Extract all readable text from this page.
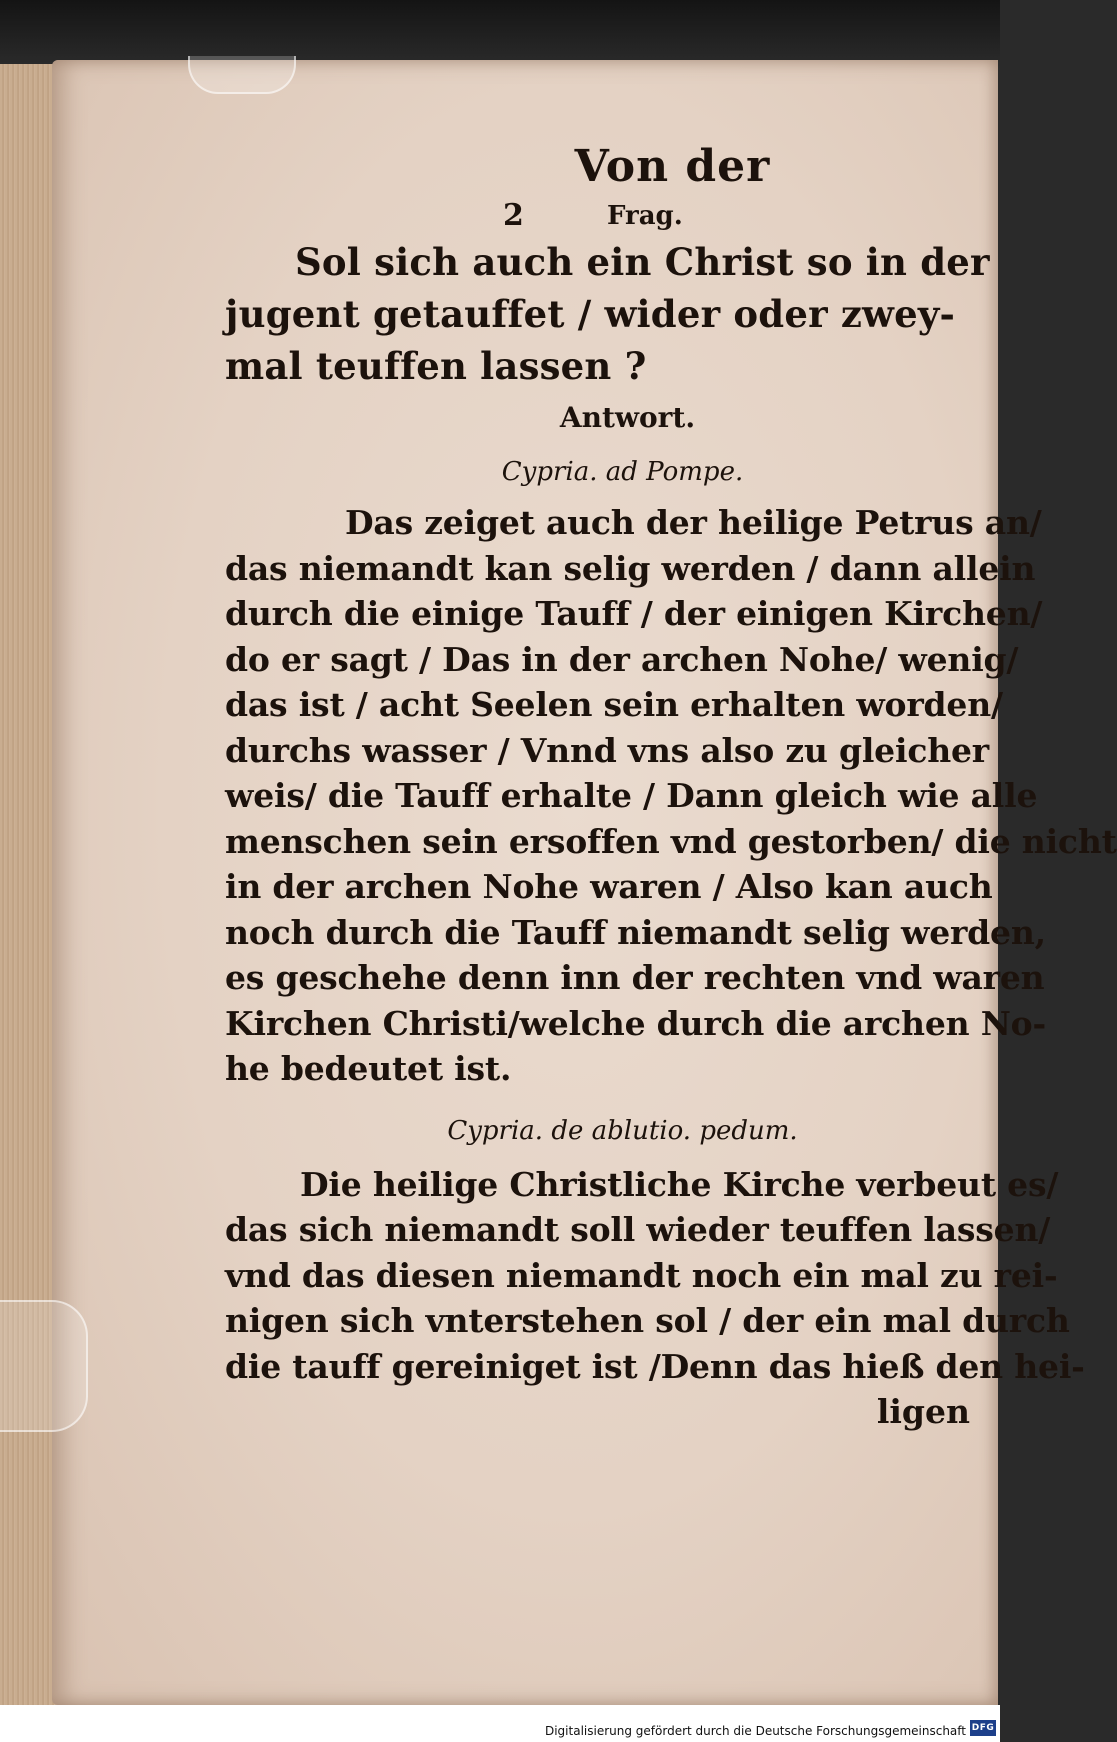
Von der
2	Frag.
Sol sich auch ein Christ so in der
jugent getauffet / wider oder zwey-
mal teuffen lassen ?
Antwort.
Cypria. ad Pompe.
Das zeiget auch der heilige Petrus an/
das niemandt kan selig werden / dann allein
durch die einige Tauff / der einigen Kirchen/
do er sagt / Das in der archen Nohe/ wenig/
das ist / acht Seelen sein erhalten worden/
durchs wasser / Vnnd vns also zu gleicher
weis/ die Tauff erhalte / Dann gleich wie alle
menschen sein ersoffen vnd gestorben/ die nicht
in der archen Nohe waren / Also kan auch
noch durch die Tauff niemandt selig werden,
es geschehe denn inn der rechten vnd waren
Kirchen Christi/welche durch die archen No-
he bedeutet ist.
Cypria. de ablutio. pedum.
Die heilige Christliche Kirche verbeut es/
das sich niemandt soll wieder teuffen lassen/
vnd das diesen niemandt noch ein mal zu rei-
nigen sich vnterstehen sol / der ein mal durch
die tauff gereiniget ist /Denn das hieß den hei-
ligen
Digitalisierung gefördert durch die Deutsche Forschungsgemeinschaft DFG
